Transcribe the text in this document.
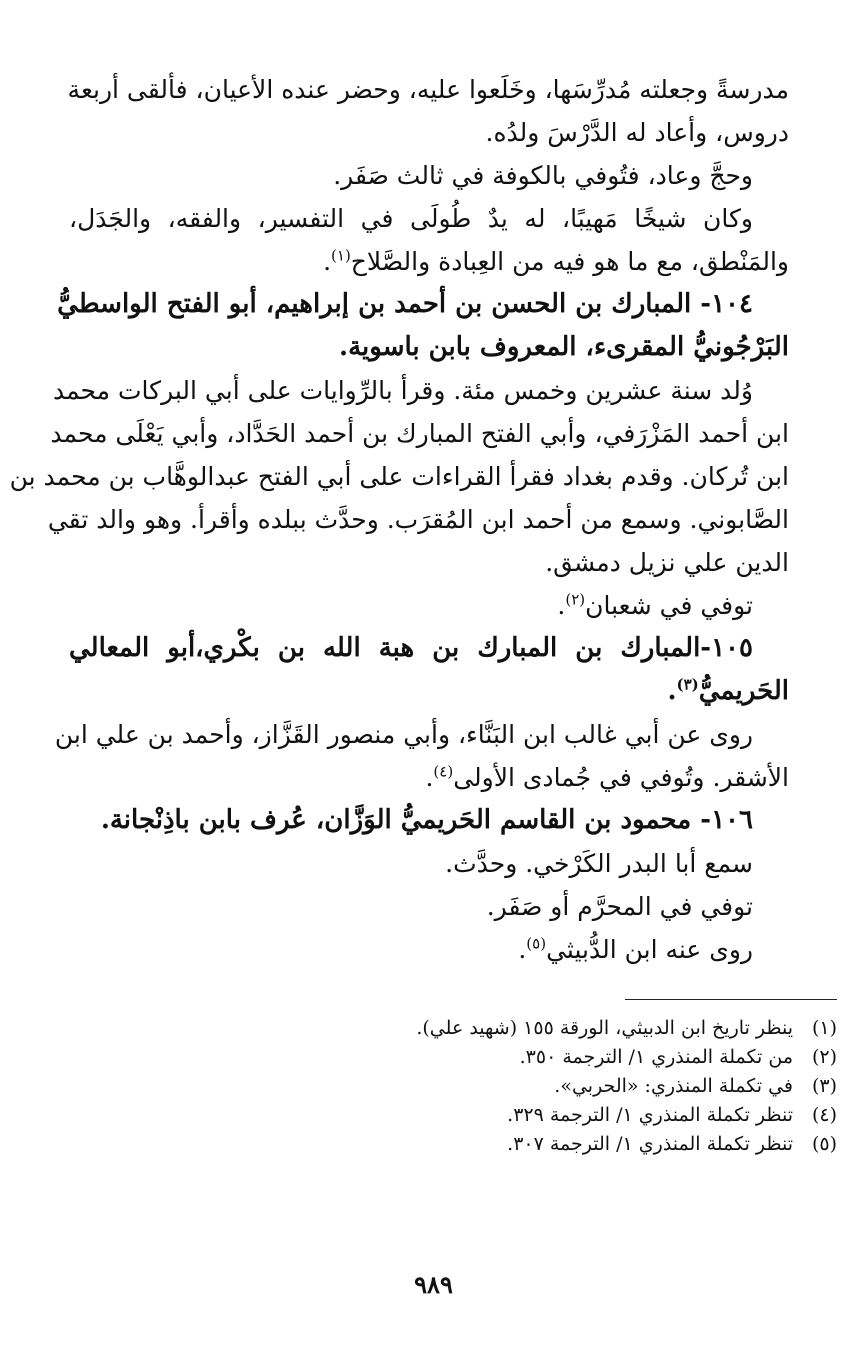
مدرسةً وجعلته مُدرِّسَها، وخَلَعوا عليه، وحضر عنده الأعيان، فألقى أربعة

دروس، وأعاد له الدَّرْسَ ولدُه.

وحجَّ وعاد، فتُوفي بالكوفة في ثالث صَفَر.

وكان شيخًا مَهيبًا، له يدٌ طُولَى في التفسير، والفقه، والجَدَل،

والمَنْطق، مع ما هو فيه من العِبادة والصَّلاح$^{(١)}$.

١٠٤- المبارك بن الحسن بن أحمد بن إبراهيم، أبو الفتح الواسطيُّ

البَرْجُونيُّ المقرىء، المعروف بابن باسوية.

وُلد سنة عشرين وخمس مئة. وقرأ بالرِّوايات على أبي البركات محمد

ابن أحمد المَزْرَفي، وأبي الفتح المبارك بن أحمد الحَدَّاد، وأبي يَعْلَى محمد

ابن تُركان. وقدم بغداد فقرأ القراءات على أبي الفتح عبدالوهَّاب بن محمد بن

الصَّابوني. وسمع من أحمد ابن المُقرَب. وحدَّث ببلده وأقرأ. وهو والد تقي

الدين علي نزيل دمشق.

توفي في شعبان$^{(٢)}$.

١٠٥-المبارك بن المبارك بن هبة الله بن بكْري،أبو المعالي

الحَريميُّ$^{(٣)}$.

روى عن أبي غالب ابن البَنَّاء، وأبي منصور القَزَّاز، وأحمد بن علي ابن

الأشقر. وتُوفي في جُمادى الأولى$^{(٤)}$.

١٠٦- محمود بن القاسم الحَريميُّ الوَزَّان، عُرف بابن باذِنْجانة.

سمع أبا البدر الكَرْخي. وحدَّث.

توفي في المحرَّم أو صَفَر.

روى عنه ابن الدُّبيثي$^{(٥)}$.

(١)
ينظر تاريخ ابن الدبيثي، الورقة ١٥٥ (شهيد علي).

(٢)
من تكملة المنذري ١/ الترجمة ٣٥٠.

(٣)
في تكملة المنذري: «الحربي».

(٤)
تنظر تكملة المنذري ١/ الترجمة ٣٢٩.

(٥)
تنظر تكملة المنذري ١/ الترجمة ٣٠٧.

٩٨٩
